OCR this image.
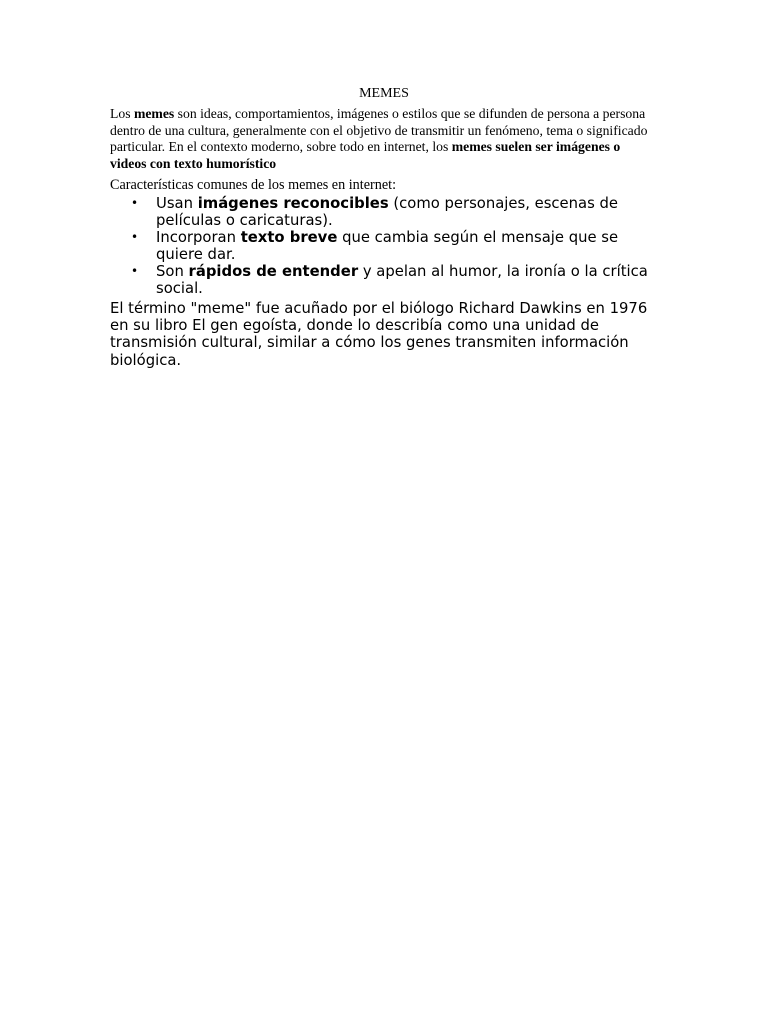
MEMES

Los memes son ideas, comportamientos, imágenes o estilos que se difunden de persona a persona dentro de una cultura, generalmente con el objetivo de transmitir un fenómeno, tema o significado particular. En el contexto moderno, sobre todo en internet, los memes suelen ser imágenes o videos con texto humorístico

Características comunes de los memes en internet:

• Usan imágenes reconocibles (como personajes, escenas de películas o caricaturas).
• Incorporan texto breve que cambia según el mensaje que se quiere dar.
• Son rápidos de entender y apelan al humor, la ironía o la crítica social.

El término "meme" fue acuñado por el biólogo Richard Dawkins en 1976 en su libro El gen egoísta, donde lo describía como una unidad de transmisión cultural, similar a cómo los genes transmiten información biológica.
